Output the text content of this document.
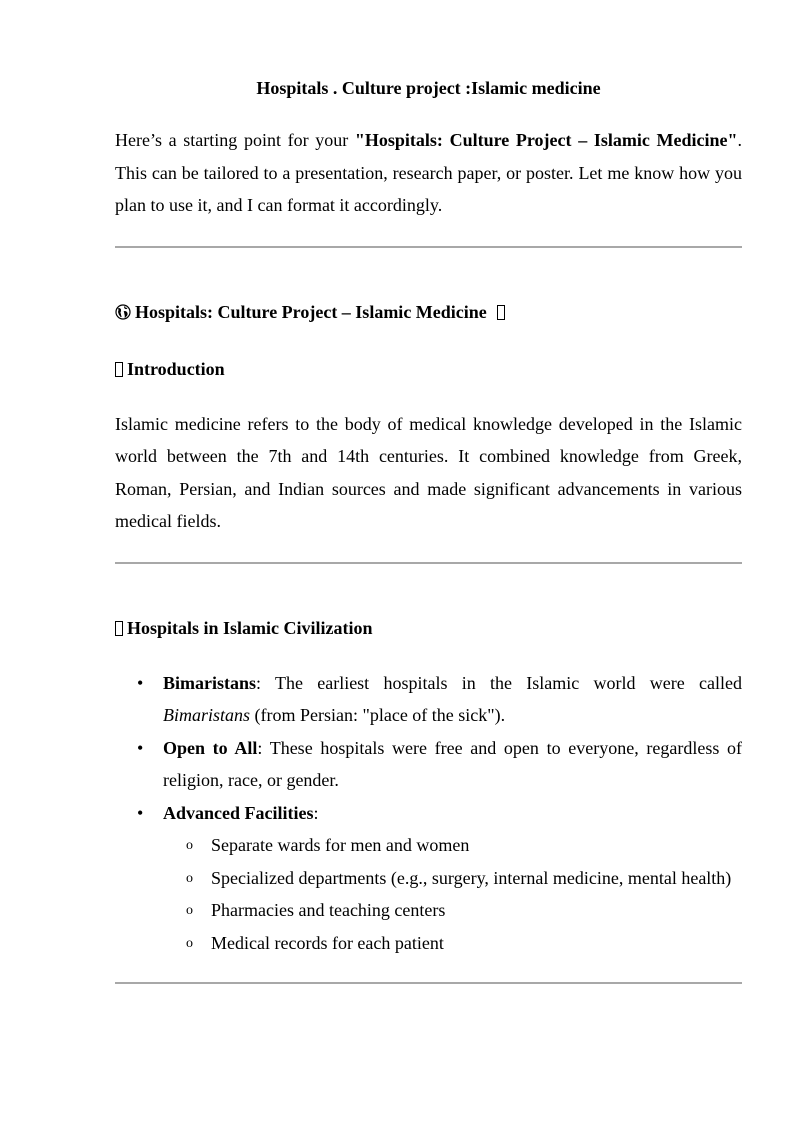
Hospitals . Culture project :Islamic medicine

Here’s a starting point for your "Hospitals: Culture Project – Islamic Medicine". This can be tailored to a presentation, research paper, or poster. Let me know how you plan to use it, and I can format it accordingly.

Hospitals: Culture Project – Islamic Medicine
Introduction

Islamic medicine refers to the body of medical knowledge developed in the Islamic world between the 7th and 14th centuries. It combined knowledge from Greek, Roman, Persian, and Indian sources and made significant advancements in various medical fields.

Hospitals in Islamic Civilization
• Bimaristans: The earliest hospitals in the Islamic world were called Bimaristans (from Persian: "place of the sick").
• Open to All: These hospitals were free and open to everyone, regardless of religion, race, or gender.
• Advanced Facilities:
o Separate wards for men and women
o Specialized departments (e.g., surgery, internal medicine, mental health)
o Pharmacies and teaching centers
o Medical records for each patient
